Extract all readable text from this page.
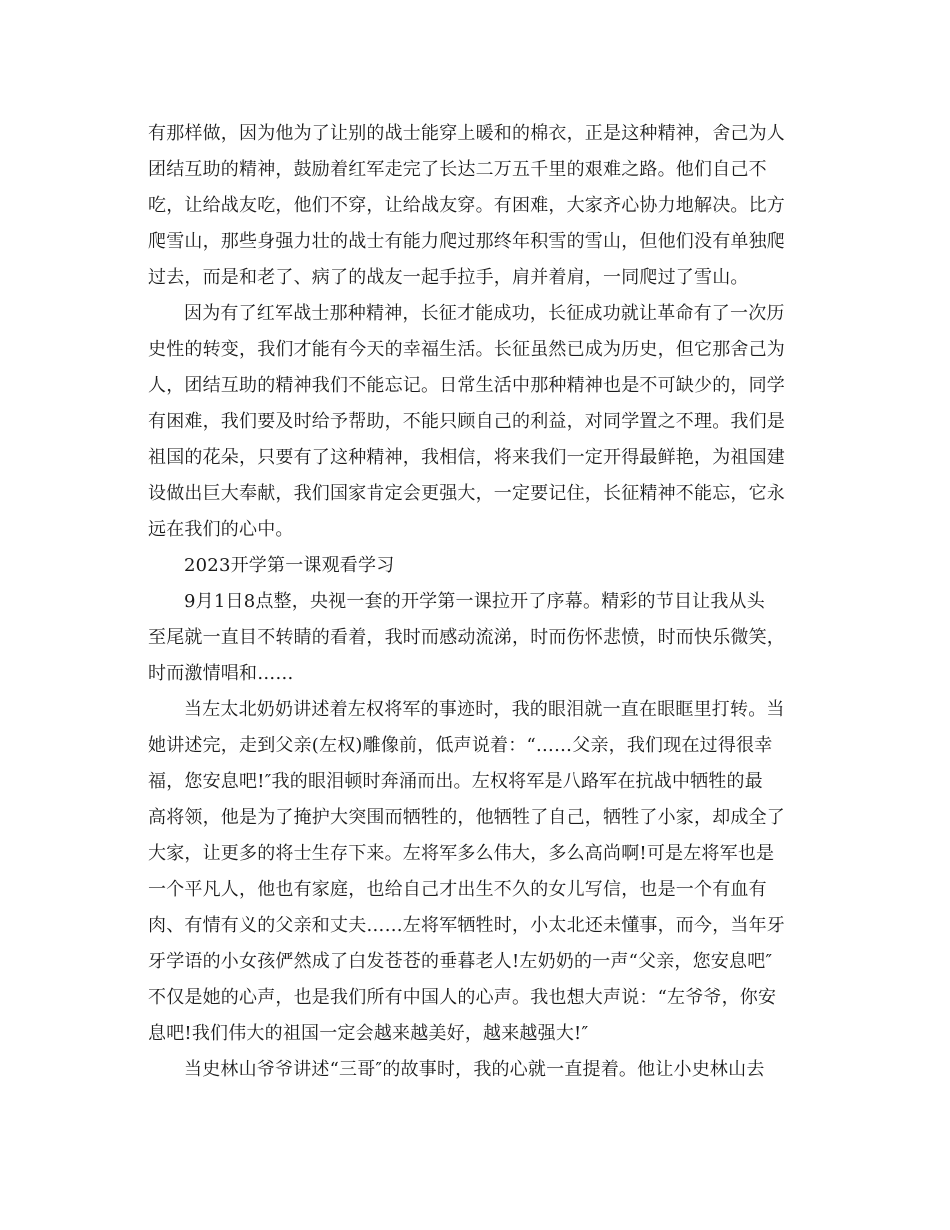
有那样做，因为他为了让别的战士能穿上暖和的棉衣，正是这种精神，舍己为人

团结互助的精神，鼓励着红军走完了长达二万五千里的艰难之路。他们自己不

吃，让给战友吃，他们不穿，让给战友穿。有困难，大家齐心协力地解决。比方

爬雪山，那些身强力壮的战士有能力爬过那终年积雪的雪山，但他们没有单独爬

过去，而是和老了、病了的战友一起手拉手，肩并着肩，一同爬过了雪山。

因为有了红军战士那种精神，长征才能成功，长征成功就让革命有了一次历

史性的转变，我们才能有今天的幸福生活。长征虽然已成为历史，但它那舍己为

人，团结互助的精神我们不能忘记。日常生活中那种精神也是不可缺少的，同学

有困难，我们要及时给予帮助，不能只顾自己的利益，对同学置之不理。我们是

祖国的花朵，只要有了这种精神，我相信，将来我们一定开得最鲜艳，为祖国建

设做出巨大奉献，我们国家肯定会更强大，一定要记住，长征精神不能忘，它永

远在我们的心中。

2023开学第一课观看学习

9月1日8点整，央视一套的开学第一课拉开了序幕。精彩的节目让我从头

至尾就一直目不转睛的看着，我时而感动流涕，时而伤怀悲愤，时而快乐微笑，

时而激情唱和……

当左太北奶奶讲述着左权将军的事迹时，我的眼泪就一直在眼眶里打转。当

她讲述完，走到父亲(左权)雕像前，低声说着：“……父亲，我们现在过得很幸

福，您安息吧!″我的眼泪顿时奔涌而出。左权将军是八路军在抗战中牺牲的最

高将领，他是为了掩护大突围而牺牲的，他牺牲了自己，牺牲了小家，却成全了

大家，让更多的将士生存下来。左将军多么伟大，多么高尚啊!可是左将军也是

一个平凡人，他也有家庭，也给自己才出生不久的女儿写信，也是一个有血有

肉、有情有义的父亲和丈夫……左将军牺牲时，小太北还未懂事，而今，当年牙

牙学语的小女孩俨然成了白发苍苍的垂暮老人!左奶奶的一声“父亲，您安息吧″

不仅是她的心声，也是我们所有中国人的心声。我也想大声说：“左爷爷，你安

息吧!我们伟大的祖国一定会越来越美好，越来越强大!″

当史林山爷爷讲述“三哥″的故事时，我的心就一直提着。他让小史林山去
